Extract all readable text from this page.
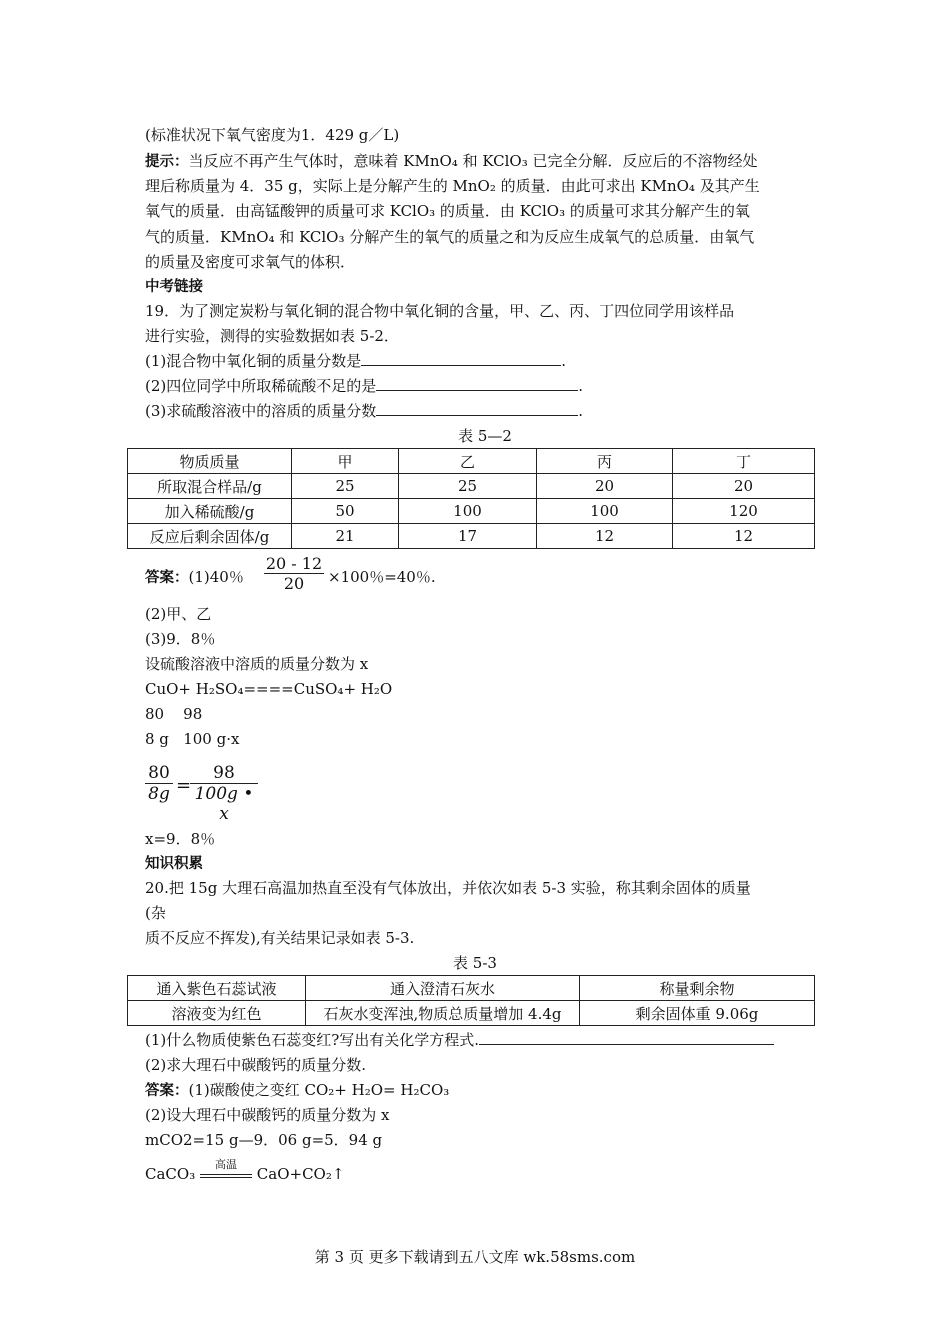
(标准状况下氧气密度为1．429 g／L)
提示：当反应不再产生气体时，意味着 KMnO₄ 和 KClO₃ 已完全分解．反应后的不溶物经处
理后称质量为 4．35 g，实际上是分解产生的 MnO₂ 的质量．由此可求出 KMnO₄ 及其产生
氧气的质量．由高锰酸钾的质量可求 KClO₃ 的质量．由 KClO₃ 的质量可求其分解产生的氧
气的质量．KMnO₄ 和 KClO₃ 分解产生的氧气的质量之和为反应生成氧气的总质量．由氧气
的质量及密度可求氧气的体积．
中考链接
19．为了测定炭粉与氧化铜的混合物中氧化铜的含量，甲、乙、丙、丁四位同学用该样品
进行实验，测得的实验数据如表 5-2．
(1)混合物中氧化铜的质量分数是	.
(2)四位同学中所取稀硫酸不足的是	.
(3)求硫酸溶液中的溶质的质量分数	.
表 5—2
物质质量	甲	乙	丙	丁
所取混合样品/g	25	25	20	20
加入稀硫酸/g	50	100	100	120
反应后剩余固体/g	21	17	12	12
答案：(1)40％
20 - 12
20	×100％=40％.
(2)甲、乙
(3)9．8％
设硫酸溶液中溶质的质量分数为 x
CuO+ H₂SO₄====CuSO₄+ H₂O
80    98
8 g   100 g·x
80
8g =
98
100g • x
x=9．8％
知识积累
20.把 15g 大理石高温加热直至没有气体放出，并依次如表 5-3 实验，称其剩余固体的质量
(杂
质不反应不挥发),有关结果记录如表 5-3.
表 5-3
通入紫色石蕊试液	通入澄清石灰水	称量剩余物
溶液变为红色	石灰水变浑浊,物质总质量增加 4.4g	剩余固体重 9.06g
(1)什么物质使紫色石蕊变红?写出有关化学方程式.
(2)求大理石中碳酸钙的质量分数.
答案：(1)碳酸使之变红 CO₂+ H₂O= H₂CO₃
(2)设大理石中碳酸钙的质量分数为 x
mCO2=15 g—9．06 g=5．94 g
CaCO₃
高温
CaO+CO₂↑
第 3 页 更多下载请到五八文库 wk.58sms.com
